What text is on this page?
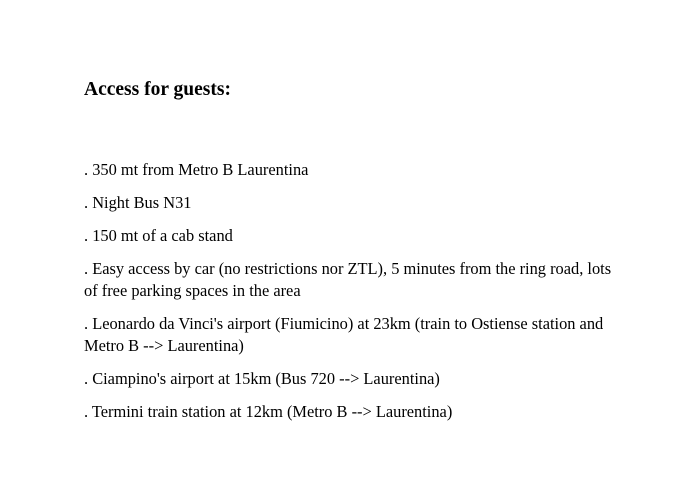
Access for guests:
. 350 mt from Metro B Laurentina
. Night Bus N31
. 150 mt of a cab stand
. Easy access by car (no restrictions nor ZTL), 5 minutes from the ring road, lots of free parking spaces in the area
. Leonardo da Vinci's airport (Fiumicino) at 23km (train to Ostiense station and Metro B --> Laurentina)
. Ciampino's airport at 15km (Bus 720 --> Laurentina)
. Termini train station at 12km (Metro B --> Laurentina)
